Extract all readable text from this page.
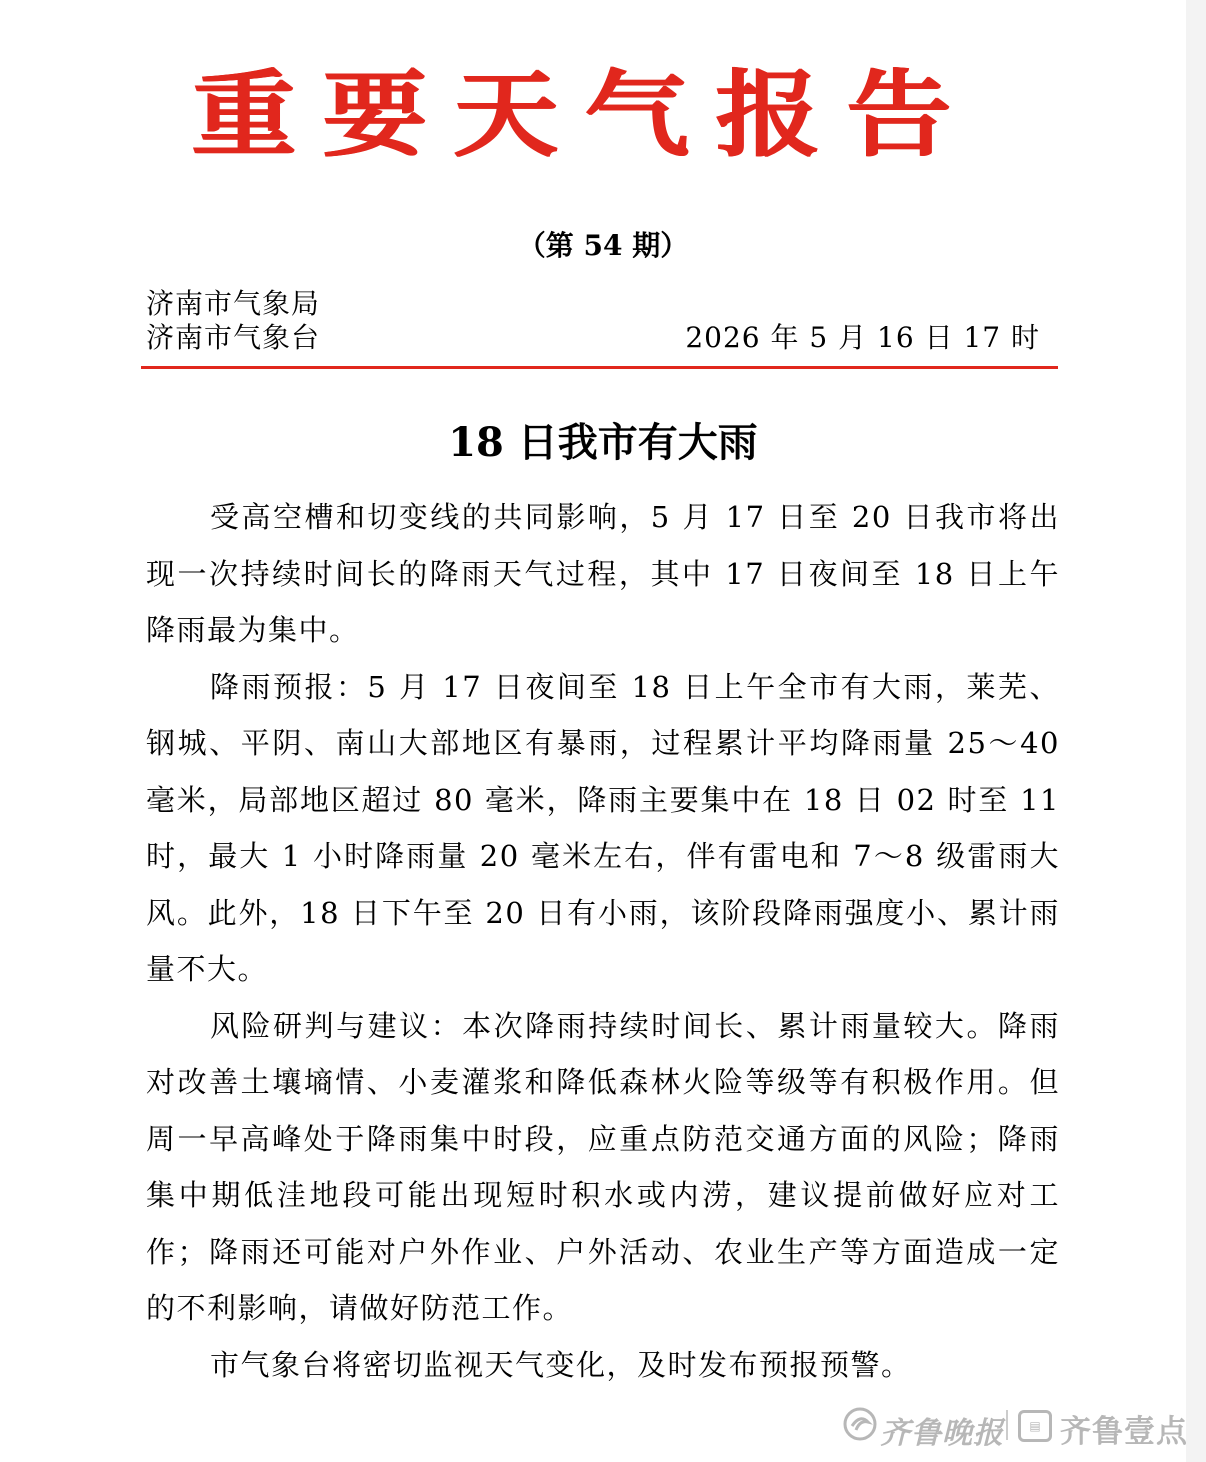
重要天气报告
（第 54 期）
济南市气象局
济南市气象台	2026 年 5 月 16 日 17 时
18 日我市有大雨

受高空槽和切变线的共同影响，5 月 17 日至 20 日我市将出现一次持续时间长的降雨天气过程，其中 17 日夜间至 18 日上午降雨最为集中。

降雨预报：5 月 17 日夜间至 18 日上午全市有大雨，莱芜、钢城、平阴、南山大部地区有暴雨，过程累计平均降雨量 25～40 毫米，局部地区超过 80 毫米，降雨主要集中在 18 日 02 时至 11 时，最大 1 小时降雨量 20 毫米左右，伴有雷电和 7～8 级雷雨大风。此外，18 日下午至 20 日有小雨，该阶段降雨强度小、累计雨量不大。

风险研判与建议：本次降雨持续时间长、累计雨量较大。降雨对改善土壤墒情、小麦灌浆和降低森林火险等级等有积极作用。但周一早高峰处于降雨集中时段，应重点防范交通方面的风险；降雨集中期低洼地段可能出现短时积水或内涝，建议提前做好应对工作；降雨还可能对户外作业、户外活动、农业生产等方面造成一定的不利影响，请做好防范工作。

市气象台将密切监视天气变化，及时发布预报预警。

齐鲁晚报	▤ 齐鲁壹点
